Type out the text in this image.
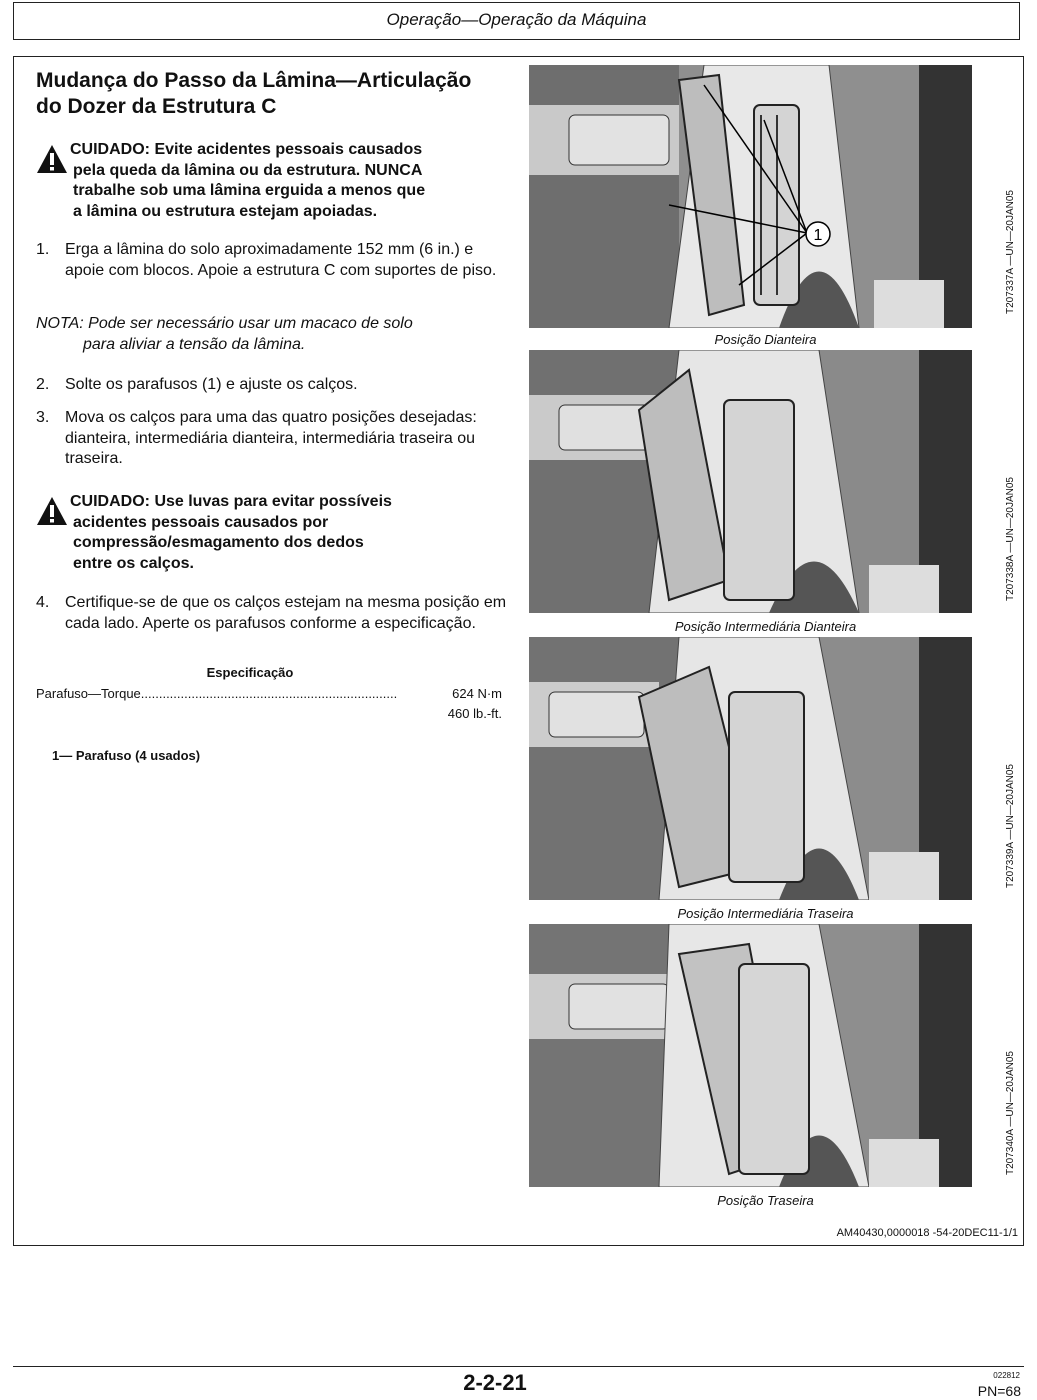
Operação—Operação da Máquina
Mudança do Passo da Lâmina—Articulação
do Dozer da Estrutura C
CUIDADO: Evite acidentes pessoais causados
pela queda da lâmina ou da estrutura. NUNCA
trabalhe sob uma lâmina erguida a menos que
a lâmina ou estrutura estejam apoiadas.
1. Erga a lâmina do solo aproximadamente 152 mm (6 in.) e apoie com blocos. Apoie a estrutura C com suportes de piso.
NOTA: Pode ser necessário usar um macaco de solo
para aliviar a tensão da lâmina.
2. Solte os parafusos (1) e ajuste os calços.
3. Mova os calços para uma das quatro posições desejadas: dianteira, intermediária dianteira, intermediária traseira ou traseira.
CUIDADO: Use luvas para evitar possíveis
acidentes pessoais causados por
compressão/esmagamento dos dedos
entre os calços.
4. Certifique-se de que os calços estejam na mesma posição em cada lado. Aperte os parafusos conforme a especificação.
Especificação
Parafuso—Torque.......................................................................	624 N·m
460 lb.-ft.
1— Parafuso (4 usados)
1
Posição Dianteira
T207337A —UN—20JAN05
Posição Intermediária Dianteira
T207338A —UN—20JAN05
Posição Intermediária Traseira
T207339A —UN—20JAN05
Posição Traseira
T207340A —UN—20JAN05
AM40430,0000018 -54-20DEC11-1/1
2-2-21	022812
PN=68
